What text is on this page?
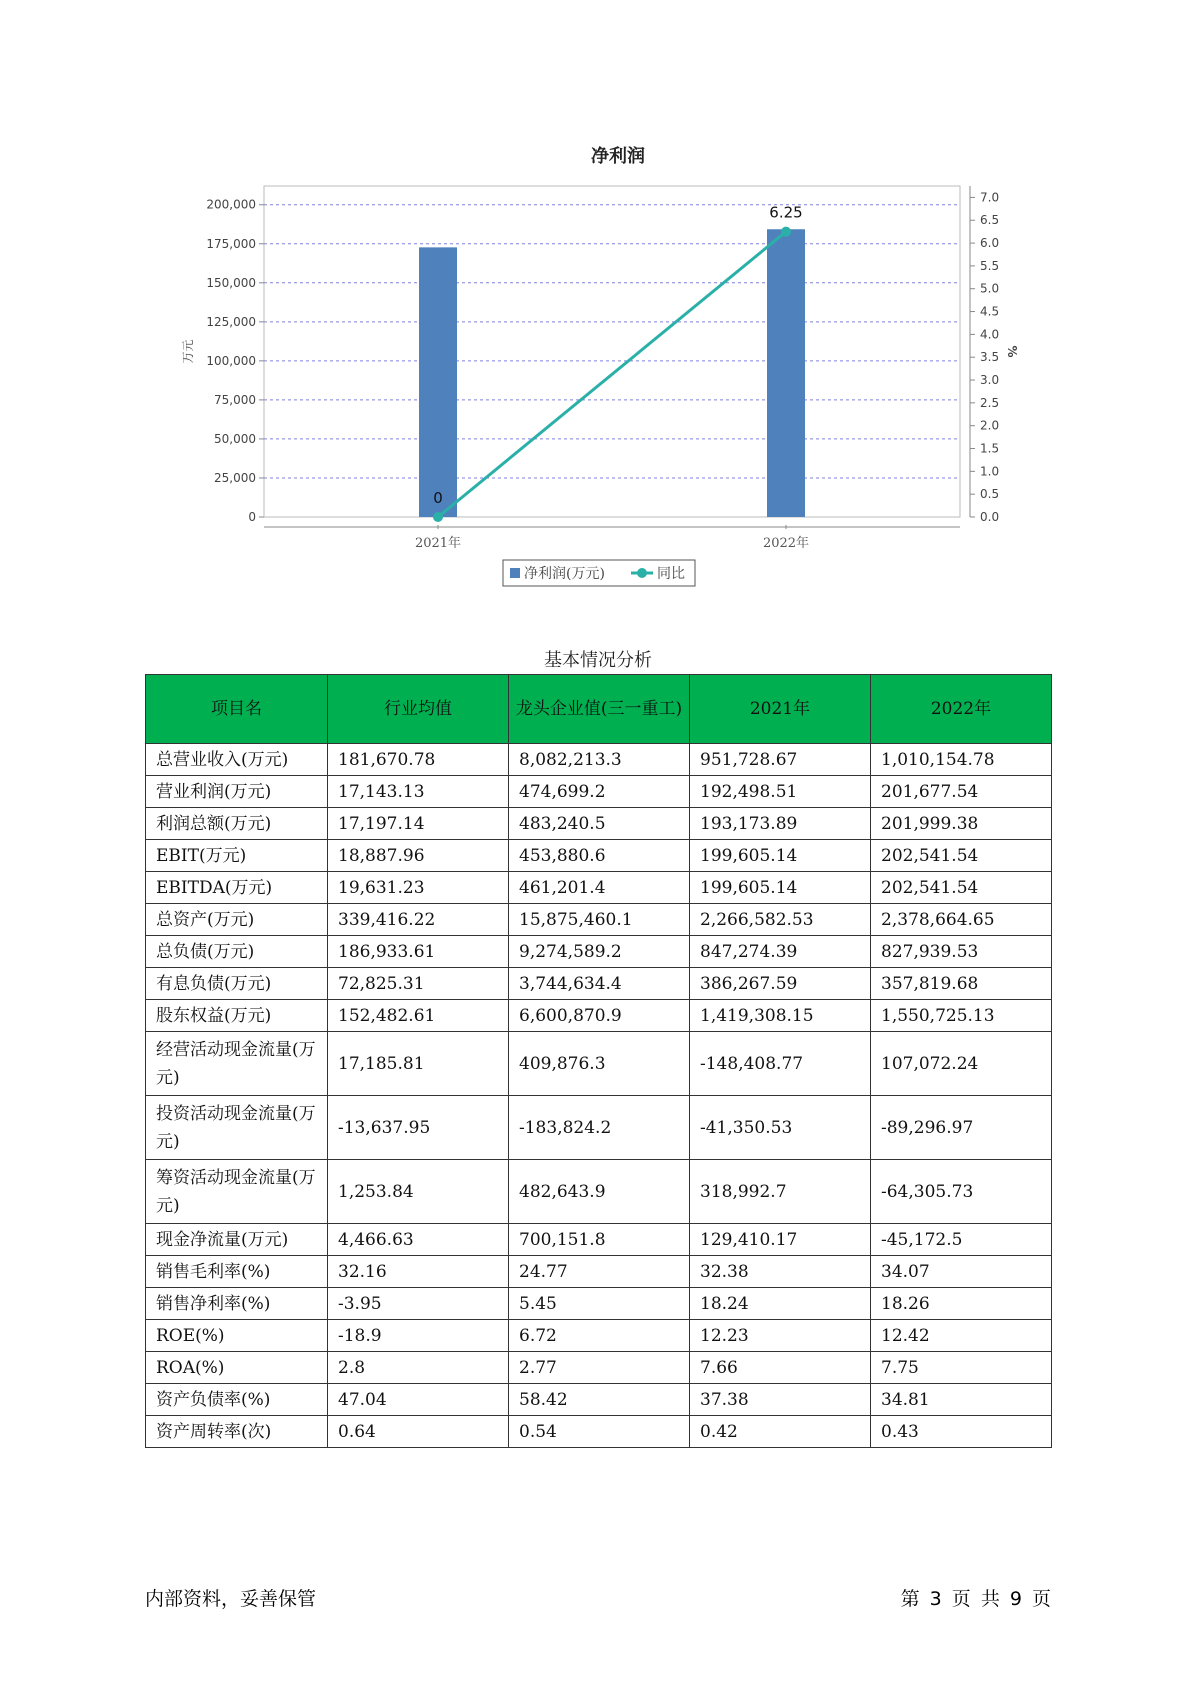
净利润
0
25,000
50,000
75,000
100,000
125,000
150,000
175,000
200,000
0.0
0.5
1.0
1.5
2.0
2.5
3.0
3.5
4.0
4.5
5.0
5.5
6.0
6.5
7.0
万元	%
2021年	2022年
0
6.25
净利润(万元)	同比
基本情况分析
项目名	行业均值	龙头企业值(三一重工)	2021年	2022年
总营业收入(万元)	181,670.78	8,082,213.3	951,728.67	1,010,154.78
营业利润(万元)	17,143.13	474,699.2	192,498.51	201,677.54
利润总额(万元)	17,197.14	483,240.5	193,173.89	201,999.38
EBIT(万元)	18,887.96	453,880.6	199,605.14	202,541.54
EBITDA(万元)	19,631.23	461,201.4	199,605.14	202,541.54
总资产(万元)	339,416.22	15,875,460.1	2,266,582.53	2,378,664.65
总负债(万元)	186,933.61	9,274,589.2	847,274.39	827,939.53
有息负债(万元)	72,825.31	3,744,634.4	386,267.59	357,819.68
股东权益(万元)	152,482.61	6,600,870.9	1,419,308.15	1,550,725.13
经营活动现金流量(万元)	17,185.81	409,876.3	-148,408.77	107,072.24
投资活动现金流量(万元)	-13,637.95	-183,824.2	-41,350.53	-89,296.97
筹资活动现金流量(万元)	1,253.84	482,643.9	318,992.7	-64,305.73
现金净流量(万元)	4,466.63	700,151.8	129,410.17	-45,172.5
销售毛利率(%)	32.16	24.77	32.38	34.07
销售净利率(%)	-3.95	5.45	18.24	18.26
ROE(%)	-18.9	6.72	12.23	12.42
ROA(%)	2.8	2.77	7.66	7.75
资产负债率(%)	47.04	58.42	37.38	34.81
资产周转率(次)	0.64	0.54	0.42	0.43
内部资料，妥善保管	第 3 页 共 9 页
